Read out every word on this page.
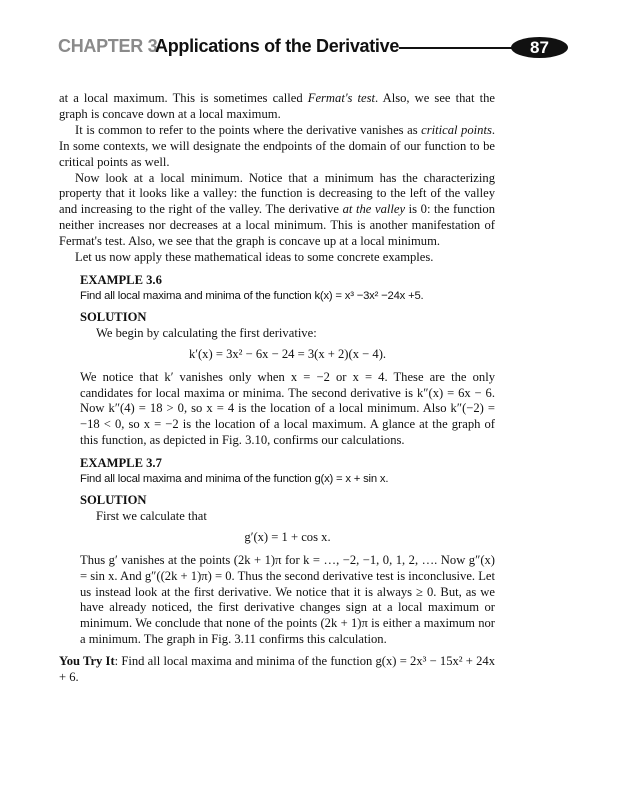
CHAPTER 3
Applications of the Derivative	87

at a local maximum. This is sometimes called Fermat's test. Also, we see that the graph is concave down at a local maximum.

It is common to refer to the points where the derivative vanishes as critical points. In some contexts, we will designate the endpoints of the domain of our function to be critical points as well.

Now look at a local minimum. Notice that a minimum has the characterizing property that it looks like a valley: the function is decreasing to the left of the valley and increasing to the right of the valley. The derivative at the valley is 0: the function neither increases nor decreases at a local minimum. This is another manifestation of Fermat's test. Also, we see that the graph is concave up at a local minimum.

Let us now apply these mathematical ideas to some concrete examples.

EXAMPLE 3.6

Find all local maxima and minima of the function k(x) = x³ −3x² −24x +5.

SOLUTION

We begin by calculating the first derivative:

k′(x) = 3x² − 6x − 24 = 3(x + 2)(x − 4).

We notice that k′ vanishes only when x = −2 or x = 4. These are the only candidates for local maxima or minima. The second derivative is k″(x) = 6x − 6. Now k″(4) = 18 > 0, so x = 4 is the location of a local minimum. Also k″(−2) = −18 < 0, so x = −2 is the location of a local maximum. A glance at the graph of this function, as depicted in Fig. 3.10, confirms our calculations.

EXAMPLE 3.7

Find all local maxima and minima of the function g(x) = x + sin x.

SOLUTION

First we calculate that

g′(x) = 1 + cos x.

Thus g′ vanishes at the points (2k + 1)π for k = …, −2, −1, 0, 1, 2, …. Now g″(x) = sin x. And g″((2k + 1)π) = 0. Thus the second derivative test is inconclusive. Let us instead look at the first derivative. We notice that it is always ≥ 0. But, as we have already noticed, the first derivative changes sign at a local maximum or minimum. We conclude that none of the points (2k + 1)π is either a maximum nor a minimum. The graph in Fig. 3.11 confirms this calculation.

You Try It: Find all local maxima and minima of the function g(x) = 2x³ − 15x² + 24x + 6.
